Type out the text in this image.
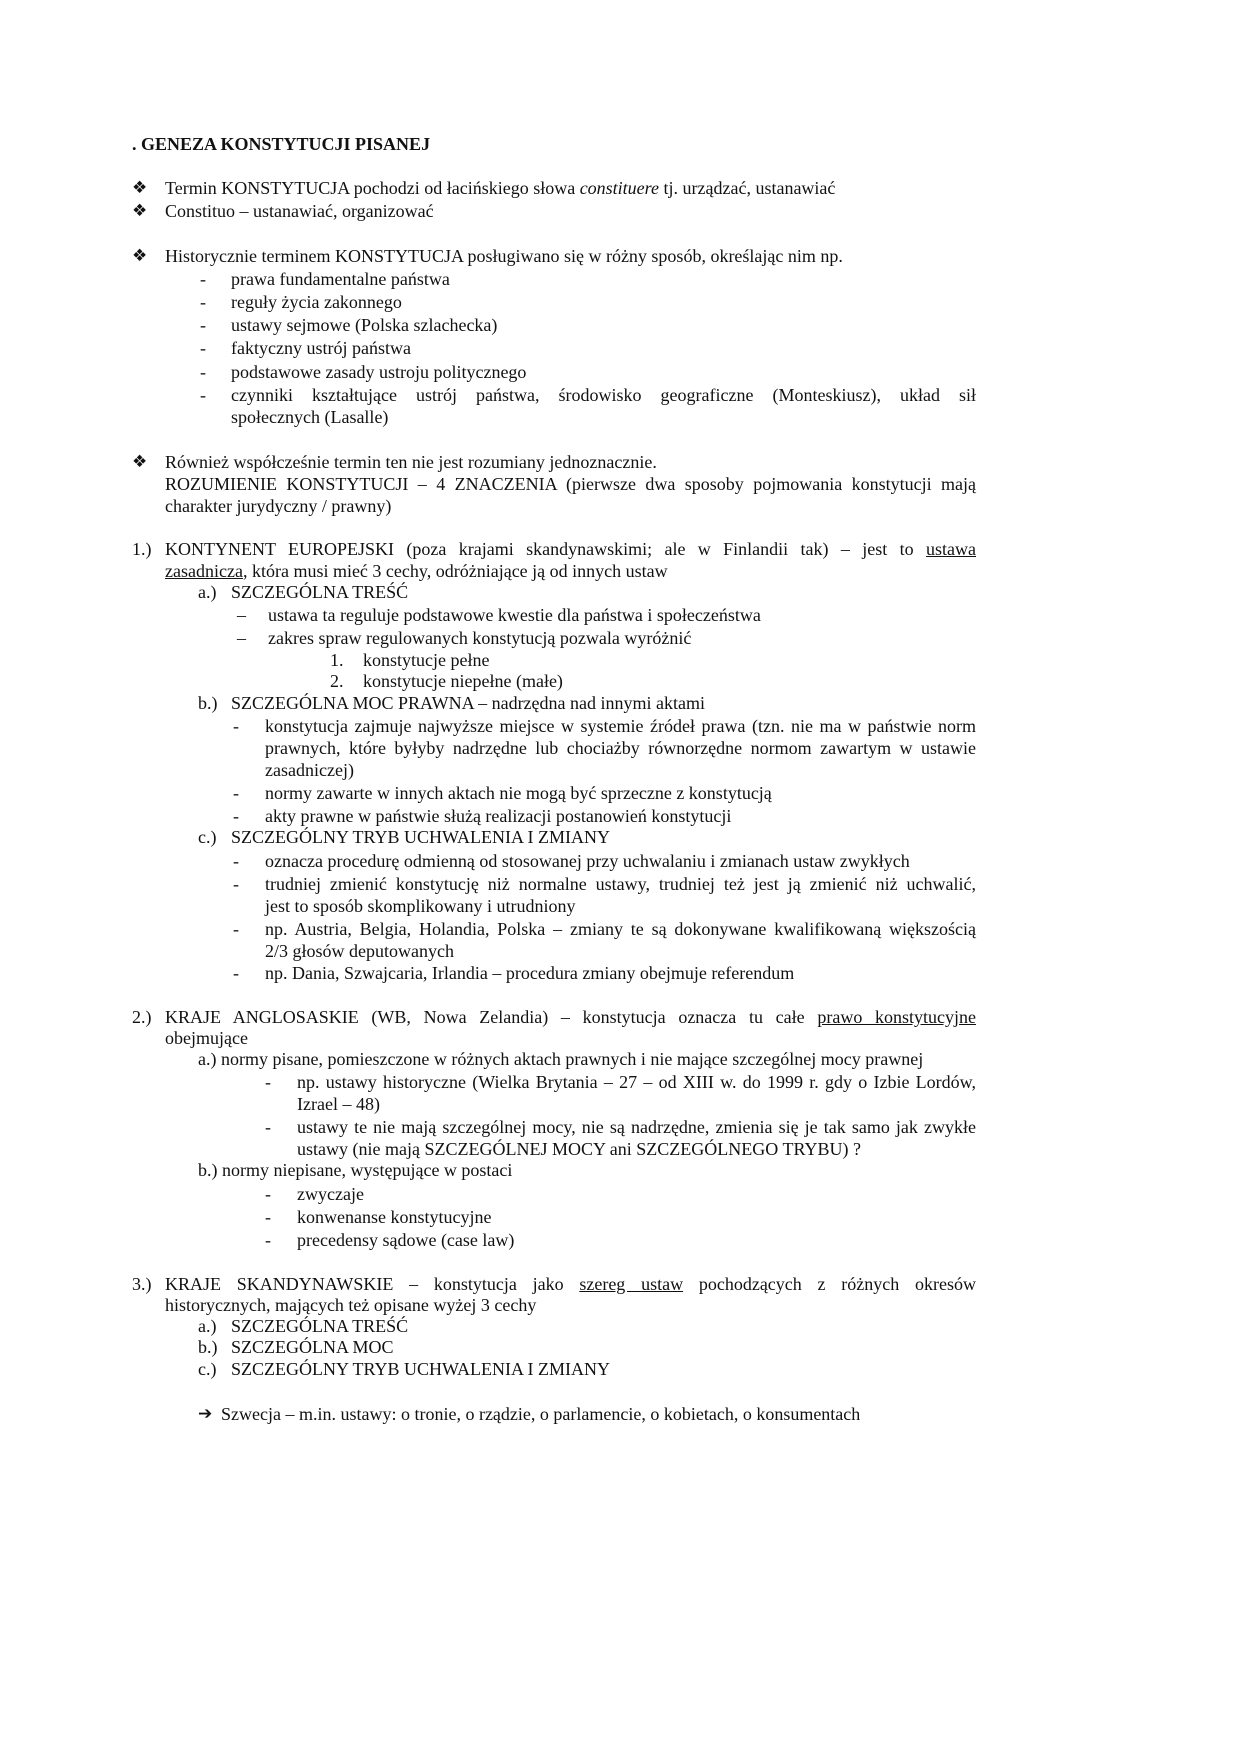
. GENEZA KONSTYTUCJI PISANEJ
❖ Termin KONSTYTUCJA pochodzi od łacińskiego słowa constituere tj. urządzać, ustanawiać
❖ Constituo – ustanawiać, organizować
❖ Historycznie terminem KONSTYTUCJA posługiwano się w różny sposób, określając nim np.
- prawa fundamentalne państwa
- reguły życia zakonnego
- ustawy sejmowe (Polska szlachecka)
- faktyczny ustrój państwa
- podstawowe zasady ustroju politycznego
- czynniki kształtujące ustrój państwa, środowisko geograficzne (Monteskiusz), układ sił
społecznych (Lasalle)
❖ Również współcześnie termin ten nie jest rozumiany jednoznacznie.
ROZUMIENIE KONSTYTUCJI – 4 ZNACZENIA (pierwsze dwa sposoby pojmowania konstytucji mają
charakter jurydyczny / prawny)
1.) KONTYNENT EUROPEJSKI (poza krajami skandynawskimi; ale w Finlandii tak) – jest to ustawa
zasadnicza, która musi mieć 3 cechy, odróżniające ją od innych ustaw
a.) SZCZEGÓLNA TREŚĆ
– ustawa ta reguluje podstawowe kwestie dla państwa i społeczeństwa
– zakres spraw regulowanych konstytucją pozwala wyróżnić
1. konstytucje pełne
2. konstytucje niepełne (małe)
b.) SZCZEGÓLNA MOC PRAWNA – nadrzędna nad innymi aktami
- konstytucja zajmuje najwyższe miejsce w systemie źródeł prawa (tzn. nie ma w państwie norm
prawnych, które byłyby nadrzędne lub chociażby równorzędne normom zawartym w ustawie
zasadniczej)
- normy zawarte w innych aktach nie mogą być sprzeczne z konstytucją
- akty prawne w państwie służą realizacji postanowień konstytucji
c.) SZCZEGÓLNY TRYB UCHWALENIA I ZMIANY
- oznacza procedurę odmienną od stosowanej przy uchwalaniu i zmianach ustaw zwykłych
- trudniej zmienić konstytucję niż normalne ustawy, trudniej też jest ją zmienić niż uchwalić,
jest to sposób skomplikowany i utrudniony
- np. Austria, Belgia, Holandia, Polska – zmiany te są dokonywane kwalifikowaną większością
2/3 głosów deputowanych
- np. Dania, Szwajcaria, Irlandia – procedura zmiany obejmuje referendum
2.) KRAJE ANGLOSASKIE (WB, Nowa Zelandia) – konstytucja oznacza tu całe prawo konstytucyjne
obejmujące
a.) normy pisane, pomieszczone w różnych aktach prawnych i nie mające szczególnej mocy prawnej
- np. ustawy historyczne (Wielka Brytania – 27 – od XIII w. do 1999 r. gdy o Izbie Lordów,
Izrael – 48)
- ustawy te nie mają szczególnej mocy, nie są nadrzędne, zmienia się je tak samo jak zwykłe
ustawy (nie mają SZCZEGÓLNEJ MOCY ani SZCZEGÓLNEGO TRYBU) ?
b.) normy niepisane, występujące w postaci
- zwyczaje
- konwenanse konstytucyjne
- precedensy sądowe (case law)
3.) KRAJE SKANDYNAWSKIE – konstytucja jako szereg ustaw pochodzących z różnych okresów
historycznych, mających też opisane wyżej 3 cechy
a.) SZCZEGÓLNA TREŚĆ
b.) SZCZEGÓLNA MOC
c.) SZCZEGÓLNY TRYB UCHWALENIA I ZMIANY
➔ Szwecja – m.in. ustawy: o tronie, o rządzie, o parlamencie, o kobietach, o konsumentach
